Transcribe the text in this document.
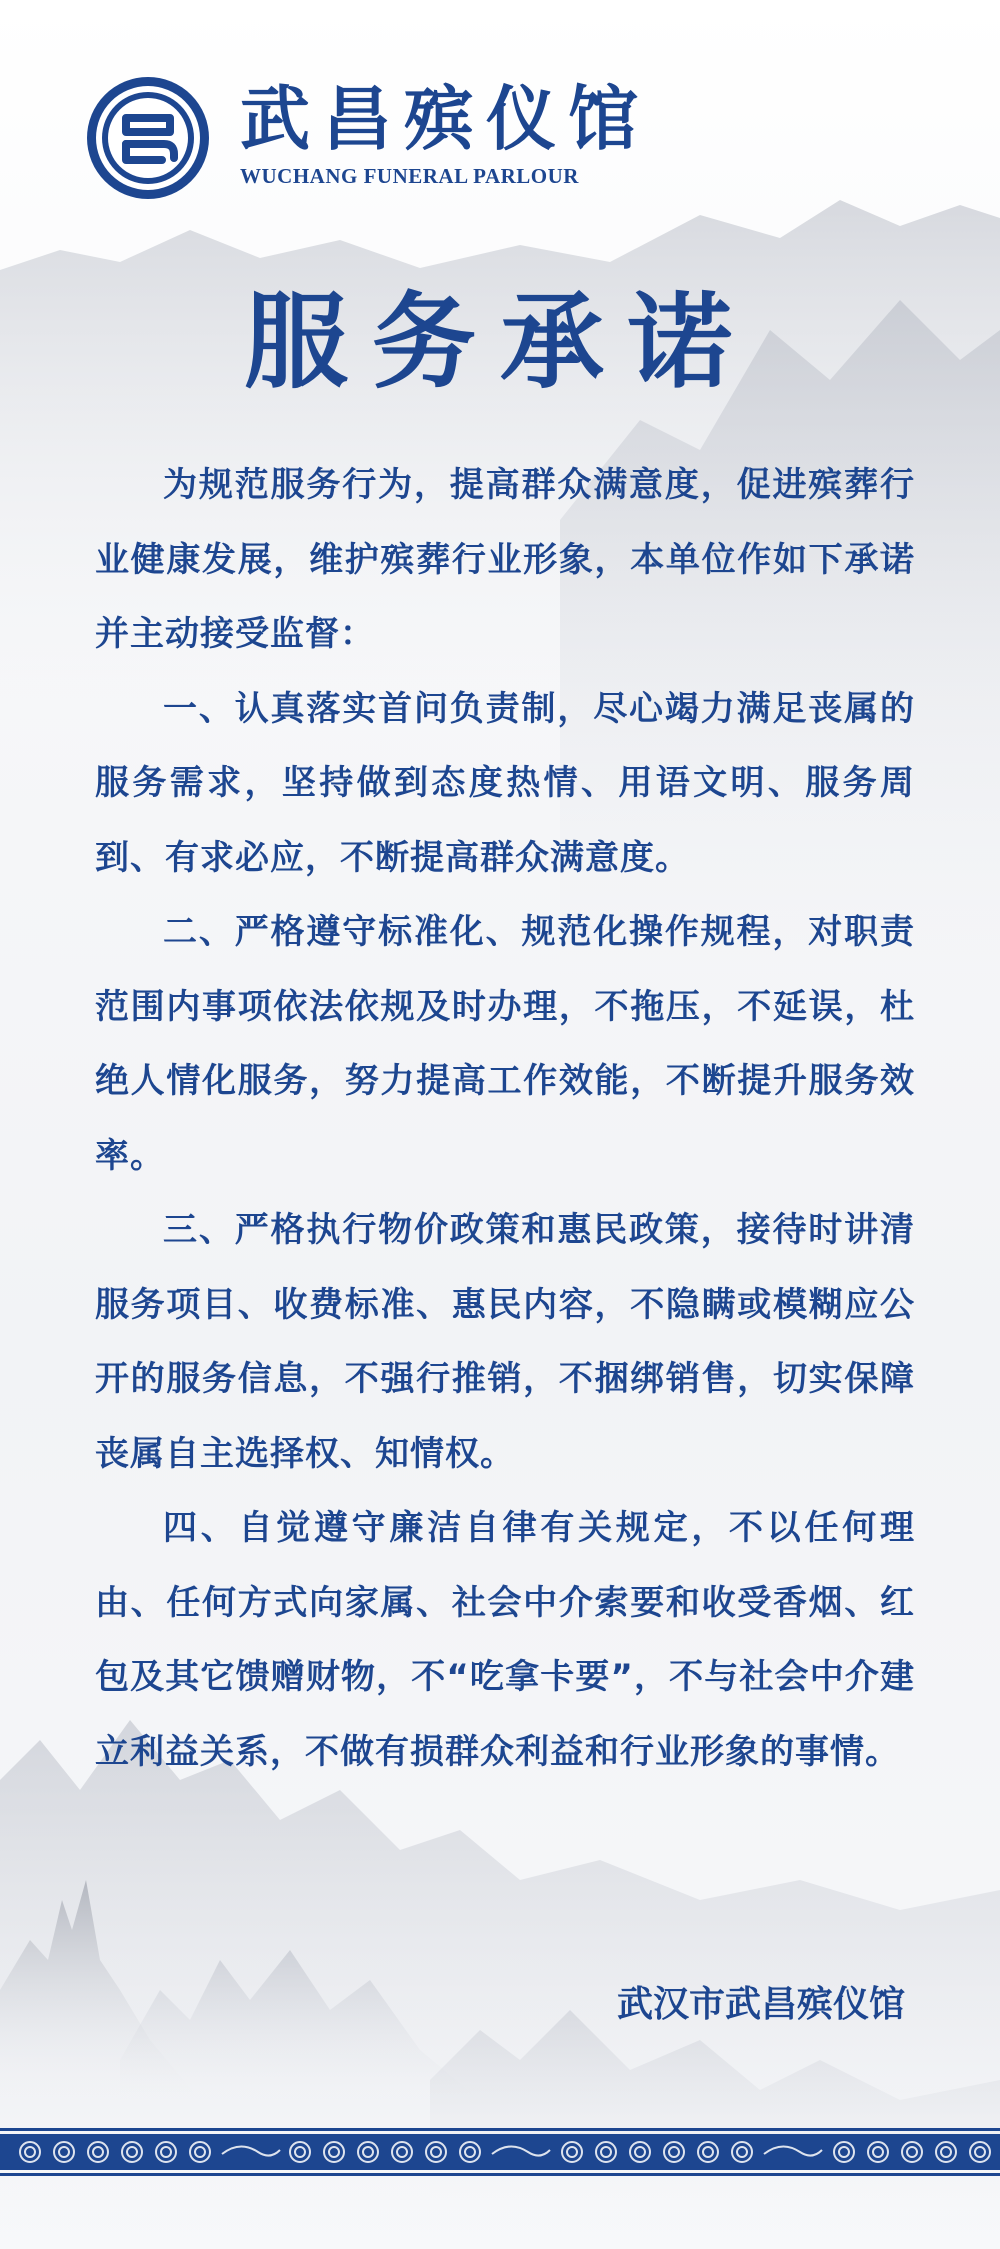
武昌殡仪馆
WUCHANG FUNERAL PARLOUR
服务承诺

为规范服务行为，提高群众满意度，促进殡葬行业健康发展，维护殡葬行业形象，本单位作如下承诺并主动接受监督：

一、认真落实首问负责制，尽心竭力满足丧属的服务需求，坚持做到态度热情、用语文明、服务周到、有求必应，不断提高群众满意度。

二、严格遵守标准化、规范化操作规程，对职责范围内事项依法依规及时办理，不拖压，不延误，杜绝人情化服务，努力提高工作效能，不断提升服务效率。

三、严格执行物价政策和惠民政策，接待时讲清服务项目、收费标准、惠民内容，不隐瞒或模糊应公开的服务信息，不强行推销，不捆绑销售，切实保障丧属自主选择权、知情权。

四、自觉遵守廉洁自律有关规定，不以任何理由、任何方式向家属、社会中介索要和收受香烟、红包及其它馈赠财物，不“吃拿卡要”，不与社会中介建立利益关系，不做有损群众利益和行业形象的事情。

武汉市武昌殡仪馆
